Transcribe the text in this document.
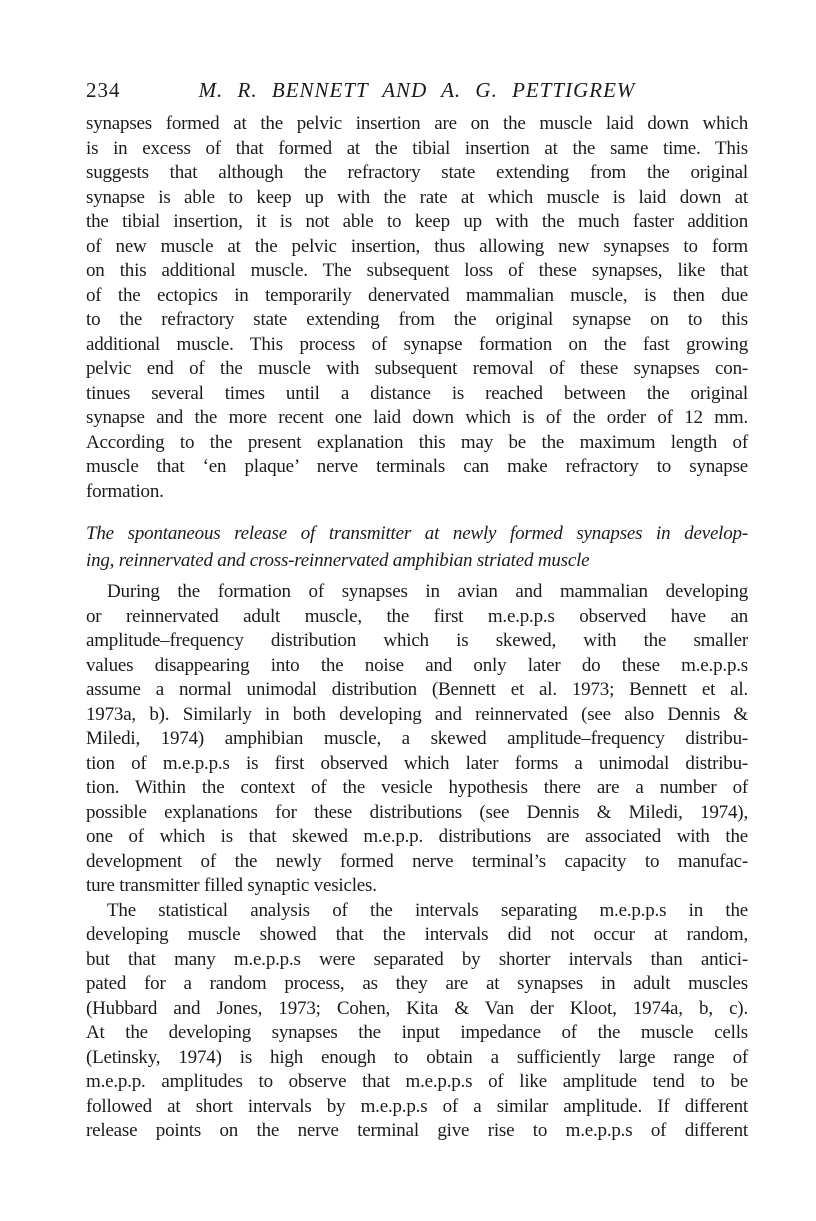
234	M. R. BENNETT AND A. G. PETTIGREW
synapses formed at the pelvic insertion are on the muscle laid down which
is in excess of that formed at the tibial insertion at the same time. This
suggests that although the refractory state extending from the original
synapse is able to keep up with the rate at which muscle is laid down at
the tibial insertion, it is not able to keep up with the much faster addition
of new muscle at the pelvic insertion, thus allowing new synapses to form
on this additional muscle. The subsequent loss of these synapses, like that
of the ectopics in temporarily denervated mammalian muscle, is then due
to the refractory state extending from the original synapse on to this
additional muscle. This process of synapse formation on the fast growing
pelvic end of the muscle with subsequent removal of these synapses con-
tinues several times until a distance is reached between the original
synapse and the more recent one laid down which is of the order of 12 mm.
According to the present explanation this may be the maximum length of
muscle that ‘en plaque’ nerve terminals can make refractory to synapse
formation.
The spontaneous release of transmitter at newly formed synapses in develop-
ing, reinnervated and cross-reinnervated amphibian striated muscle
During the formation of synapses in avian and mammalian developing
or reinnervated adult muscle, the first m.e.p.p.s observed have an
amplitude–frequency distribution which is skewed, with the smaller
values disappearing into the noise and only later do these m.e.p.p.s
assume a normal unimodal distribution (Bennett et al. 1973; Bennett et al.
1973a, b). Similarly in both developing and reinnervated (see also Dennis &
Miledi, 1974) amphibian muscle, a skewed amplitude–frequency distribu-
tion of m.e.p.p.s is first observed which later forms a unimodal distribu-
tion. Within the context of the vesicle hypothesis there are a number of
possible explanations for these distributions (see Dennis & Miledi, 1974),
one of which is that skewed m.e.p.p. distributions are associated with the
development of the newly formed nerve terminal’s capacity to manufac-
ture transmitter filled synaptic vesicles.
The statistical analysis of the intervals separating m.e.p.p.s in the
developing muscle showed that the intervals did not occur at random,
but that many m.e.p.p.s were separated by shorter intervals than antici-
pated for a random process, as they are at synapses in adult muscles
(Hubbard and Jones, 1973; Cohen, Kita & Van der Kloot, 1974a, b, c).
At the developing synapses the input impedance of the muscle cells
(Letinsky, 1974) is high enough to obtain a sufficiently large range of
m.e.p.p. amplitudes to observe that m.e.p.p.s of like amplitude tend to be
followed at short intervals by m.e.p.p.s of a similar amplitude. If different
release points on the nerve terminal give rise to m.e.p.p.s of different
